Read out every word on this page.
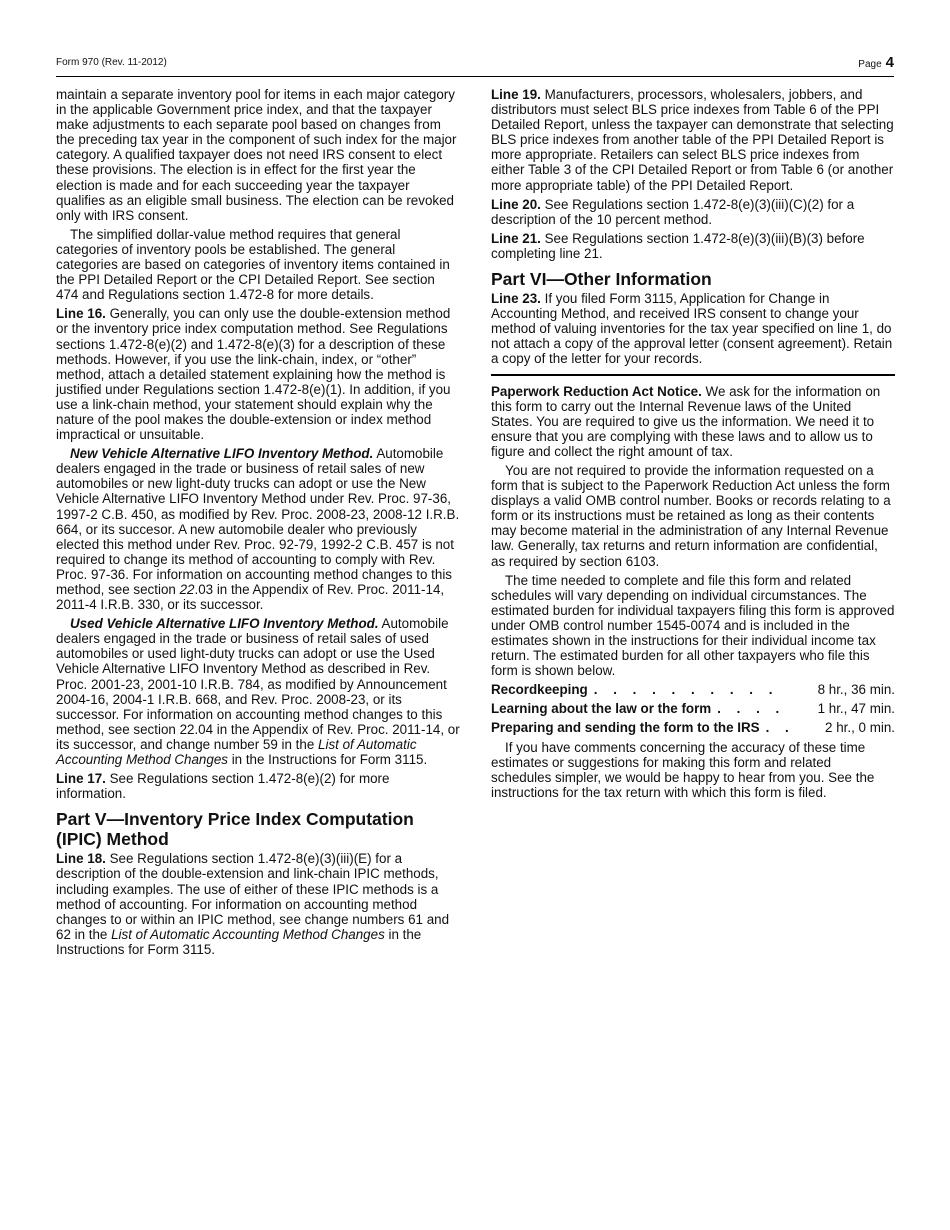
Form 970 (Rev. 11-2012)	Page 4

maintain a separate inventory pool for items in each major category in the applicable Government price index, and that the taxpayer make adjustments to each separate pool based on changes from the preceding tax year in the component of such index for the major category. A qualified taxpayer does not need IRS consent to elect these provisions. The election is in effect for the first year the election is made and for each succeeding year the taxpayer qualifies as an eligible small business. The election can be revoked only with IRS consent.

The simplified dollar-value method requires that general categories of inventory pools be established. The general categories are based on categories of inventory items contained in the PPI Detailed Report or the CPI Detailed Report. See section 474 and Regulations section 1.472-8 for more details.

Line 16. Generally, you can only use the double-extension method or the inventory price index computation method. See Regulations sections 1.472-8(e)(2) and 1.472-8(e)(3) for a description of these methods. However, if you use the link-chain, index, or “other” method, attach a detailed statement explaining how the method is justified under Regulations section 1.472-8(e)(1). In addition, if you use a link-chain method, your statement should explain why the nature of the pool makes the double-extension or index method impractical or unsuitable.

New Vehicle Alternative LIFO Inventory Method. Automobile dealers engaged in the trade or business of retail sales of new automobiles or new light-duty trucks can adopt or use the New Vehicle Alternative LIFO Inventory Method under Rev. Proc. 97-36, 1997-2 C.B. 450, as modified by Rev. Proc. 2008-23, 2008-12 I.R.B. 664, or its succesor. A new automobile dealer who previously elected this method under Rev. Proc. 92-79, 1992-2 C.B. 457 is not required to change its method of accounting to comply with Rev. Proc. 97-36. For information on accounting method changes to this method, see section 22.03 in the Appendix of Rev. Proc. 2011-14, 2011-4 I.R.B. 330, or its successor.

Used Vehicle Alternative LIFO Inventory Method. Automobile dealers engaged in the trade or business of retail sales of used automobiles or used light-duty trucks can adopt or use the Used Vehicle Alternative LIFO Inventory Method as described in Rev. Proc. 2001-23, 2001-10 I.R.B. 784, as modified by Announcement 2004-16, 2004-1 I.R.B. 668, and Rev. Proc. 2008-23, or its successor. For information on accounting method changes to this method, see section 22.04 in the Appendix of Rev. Proc. 2011-14, or its successor, and change number 59 in the List of Automatic Accounting Method Changes in the Instructions for Form 3115.

Line 17. See Regulations section 1.472-8(e)(2) for more information.

Part V—Inventory Price Index Computation (IPIC) Method

Line 18. See Regulations section 1.472-8(e)(3)(iii)(E) for a description of the double-extension and link-chain IPIC methods, including examples. The use of either of these IPIC methods is a method of accounting. For information on accounting method changes to or within an IPIC method, see change numbers 61 and 62 in the List of Automatic Accounting Method Changes in the Instructions for Form 3115.

Line 19. Manufacturers, processors, wholesalers, jobbers, and distributors must select BLS price indexes from Table 6 of the PPI Detailed Report, unless the taxpayer can demonstrate that selecting BLS price indexes from another table of the PPI Detailed Report is more appropriate. Retailers can select BLS price indexes from either Table 3 of the CPI Detailed Report or from Table 6 (or another more appropriate table) of the PPI Detailed Report.

Line 20. See Regulations section 1.472-8(e)(3)(iii)(C)(2) for a description of the 10 percent method.

Line 21. See Regulations section 1.472-8(e)(3)(iii)(B)(3) before completing line 21.

Part VI—Other Information

Line 23. If you filed Form 3115, Application for Change in Accounting Method, and received IRS consent to change your method of valuing inventories for the tax year specified on line 1, do not attach a copy of the approval letter (consent agreement). Retain a copy of the letter for your records.

Paperwork Reduction Act Notice. We ask for the information on this form to carry out the Internal Revenue laws of the United States. You are required to give us the information. We need it to ensure that you are complying with these laws and to allow us to figure and collect the right amount of tax.

You are not required to provide the information requested on a form that is subject to the Paperwork Reduction Act unless the form displays a valid OMB control number. Books or records relating to a form or its instructions must be retained as long as their contents may become material in the administration of any Internal Revenue law. Generally, tax returns and return information are confidential, as required by section 6103.

The time needed to complete and file this form and related schedules will vary depending on individual circumstances. The estimated burden for individual taxpayers filing this form is approved under OMB control number 1545-0074 and is included in the estimates shown in the instructions for their individual income tax return. The estimated burden for all other taxpayers who file this form is shown below.

Recordkeeping . . . . . . . . . .	8 hr., 36 min.
Learning about the law or the form . . . .	1 hr., 47 min.
Preparing and sending the form to the IRS . .	2 hr., 0 min.

If you have comments concerning the accuracy of these time estimates or suggestions for making this form and related schedules simpler, we would be happy to hear from you. See the instructions for the tax return with which this form is filed.
